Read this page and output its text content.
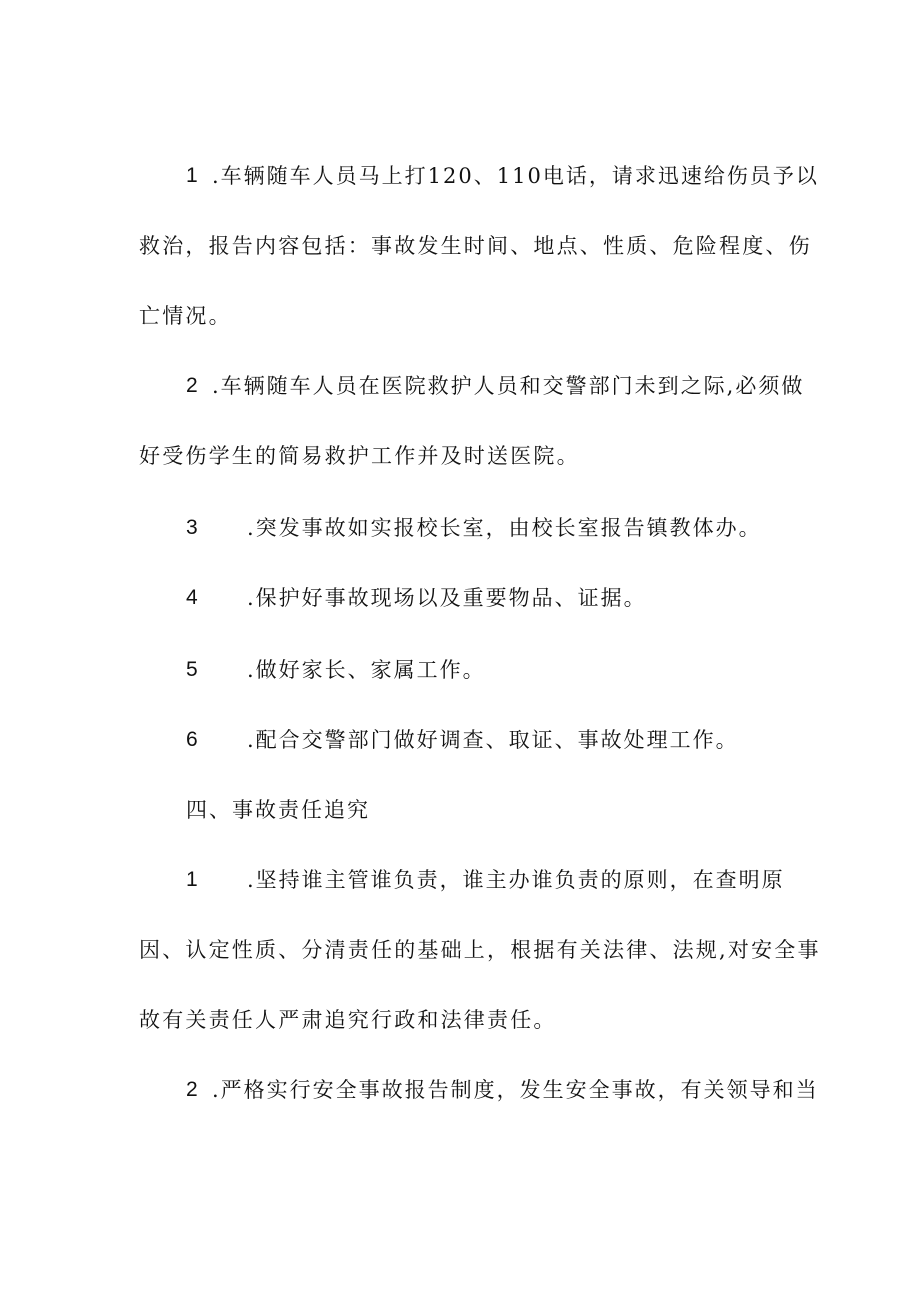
1 .车辆随车人员马上打120、110电话，请求迅速给伤员予以
救治，报告内容包括：事故发生时间、地点、性质、危险程度、伤
亡情况。
2 .车辆随车人员在医院救护人员和交警部门未到之际,必须做
好受伤学生的简易救护工作并及时送医院。
3 .突发事故如实报校长室，由校长室报告镇教体办。
4 .保护好事故现场以及重要物品、证据。
5 .做好家长、家属工作。
6 .配合交警部门做好调查、取证、事故处理工作。
四、事故责任追究
1 .坚持谁主管谁负责，谁主办谁负责的原则，在查明原
因、认定性质、分清责任的基础上，根据有关法律、法规,对安全事
故有关责任人严肃追究行政和法律责任。
2 .严格实行安全事故报告制度，发生安全事故，有关领导和当
